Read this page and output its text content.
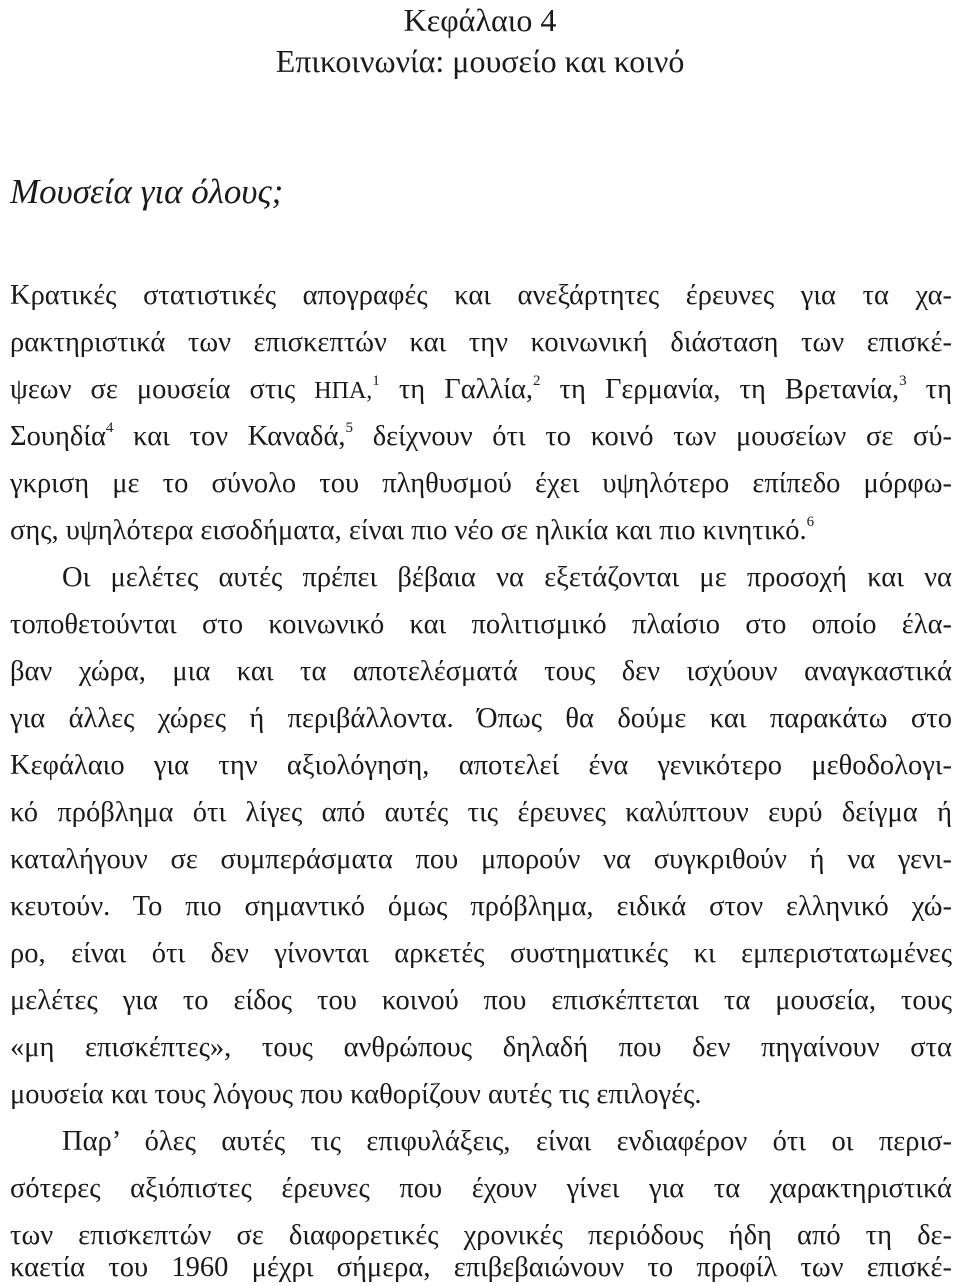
Κεφάλαιο 4
Επικοινωνία: μουσείο και κοινό
Μουσεία για όλους;
Κρατικές στατιστικές απογραφές και ανεξάρτητες έρευνες για τα χα-
ρακτηριστικά των επισκεπτών και την κοινωνική διάσταση των επισκέ-
ψεων σε μουσεία στις ΗΠΑ,$^1$ τη Γαλλία,$^2$ τη Γερμανία, τη Βρετανία,$^3$ τη
Σουηδία$^4$ και τον Καναδά,$^5$ δείχνουν ότι το κοινό των μουσείων σε σύ-
γκριση με το σύνολο του πληθυσμού έχει υψηλότερο επίπεδο μόρφω-
σης, υψηλότερα εισοδήματα, είναι πιο νέο σε ηλικία και πιο κινητικό.$^6$
Οι μελέτες αυτές πρέπει βέβαια να εξετάζονται με προσοχή και να
τοποθετούνται στο κοινωνικό και πολιτισμικό πλαίσιο στο οποίο έλα-
βαν χώρα, μια και τα αποτελέσματά τους δεν ισχύουν αναγκαστικά
για άλλες χώρες ή περιβάλλοντα. Όπως θα δούμε και παρακάτω στο
Κεφάλαιο για την αξιολόγηση, αποτελεί ένα γενικότερο μεθοδολογι-
κό πρόβλημα ότι λίγες από αυτές τις έρευνες καλύπτουν ευρύ δείγμα ή
καταλήγουν σε συμπεράσματα που μπορούν να συγκριθούν ή να γενι-
κευτούν. Το πιο σημαντικό όμως πρόβλημα, ειδικά στον ελληνικό χώ-
ρο, είναι ότι δεν γίνονται αρκετές συστηματικές κι εμπεριστατωμένες
μελέτες για το είδος του κοινού που επισκέπτεται τα μουσεία, τους
«μη επισκέπτες», τους ανθρώπους δηλαδή που δεν πηγαίνουν στα
μουσεία και τους λόγους που καθορίζουν αυτές τις επιλογές.
Παρ’ όλες αυτές τις επιφυλάξεις, είναι ενδιαφέρον ότι οι περισ-
σότερες αξιόπιστες έρευνες που έχουν γίνει για τα χαρακτηριστικά
των επισκεπτών σε διαφορετικές χρονικές περιόδους ήδη από τη δε-
καετία του 1960 μέχρι σήμερα, επιβεβαιώνουν το προφίλ των επισκέ-
